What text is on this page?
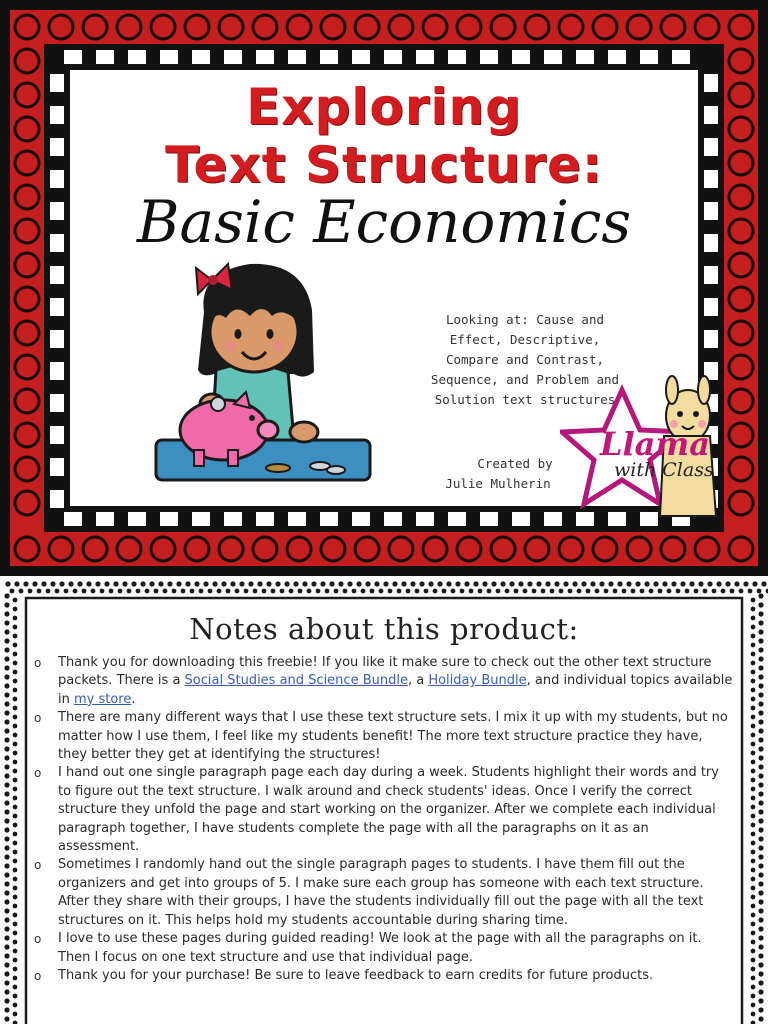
Exploring
Text Structure:
Basic Economics
Looking at: Cause and Effect, Descriptive, Compare and Contrast, Sequence, and Problem and Solution text structures
Created by
Julie Mulherin
Llama
with Class
Notes about this product:
o Thank you for downloading this freebie! If you like it make sure to check out the other text structure packets. There is a Social Studies and Science Bundle, a Holiday Bundle, and individual topics available in my store.
o There are many different ways that I use these text structure sets. I mix it up with my students, but no matter how I use them, I feel like my students benefit! The more text structure practice they have, they better they get at identifying the structures!
o I hand out one single paragraph page each day during a week. Students highlight their words and try to figure out the text structure. I walk around and check students' ideas. Once I verify the correct structure they unfold the page and start working on the organizer. After we complete each individual paragraph together, I have students complete the page with all the paragraphs on it as an assessment.
o Sometimes I randomly hand out the single paragraph pages to students. I have them fill out the organizers and get into groups of 5. I make sure each group has someone with each text structure. After they share with their groups, I have the students individually fill out the page with all the text structures on it. This helps hold my students accountable during sharing time.
o I love to use these pages during guided reading! We look at the page with all the paragraphs on it. Then I focus on one text structure and use that individual page.
o Thank you for your purchase! Be sure to leave feedback to earn credits for future products.
